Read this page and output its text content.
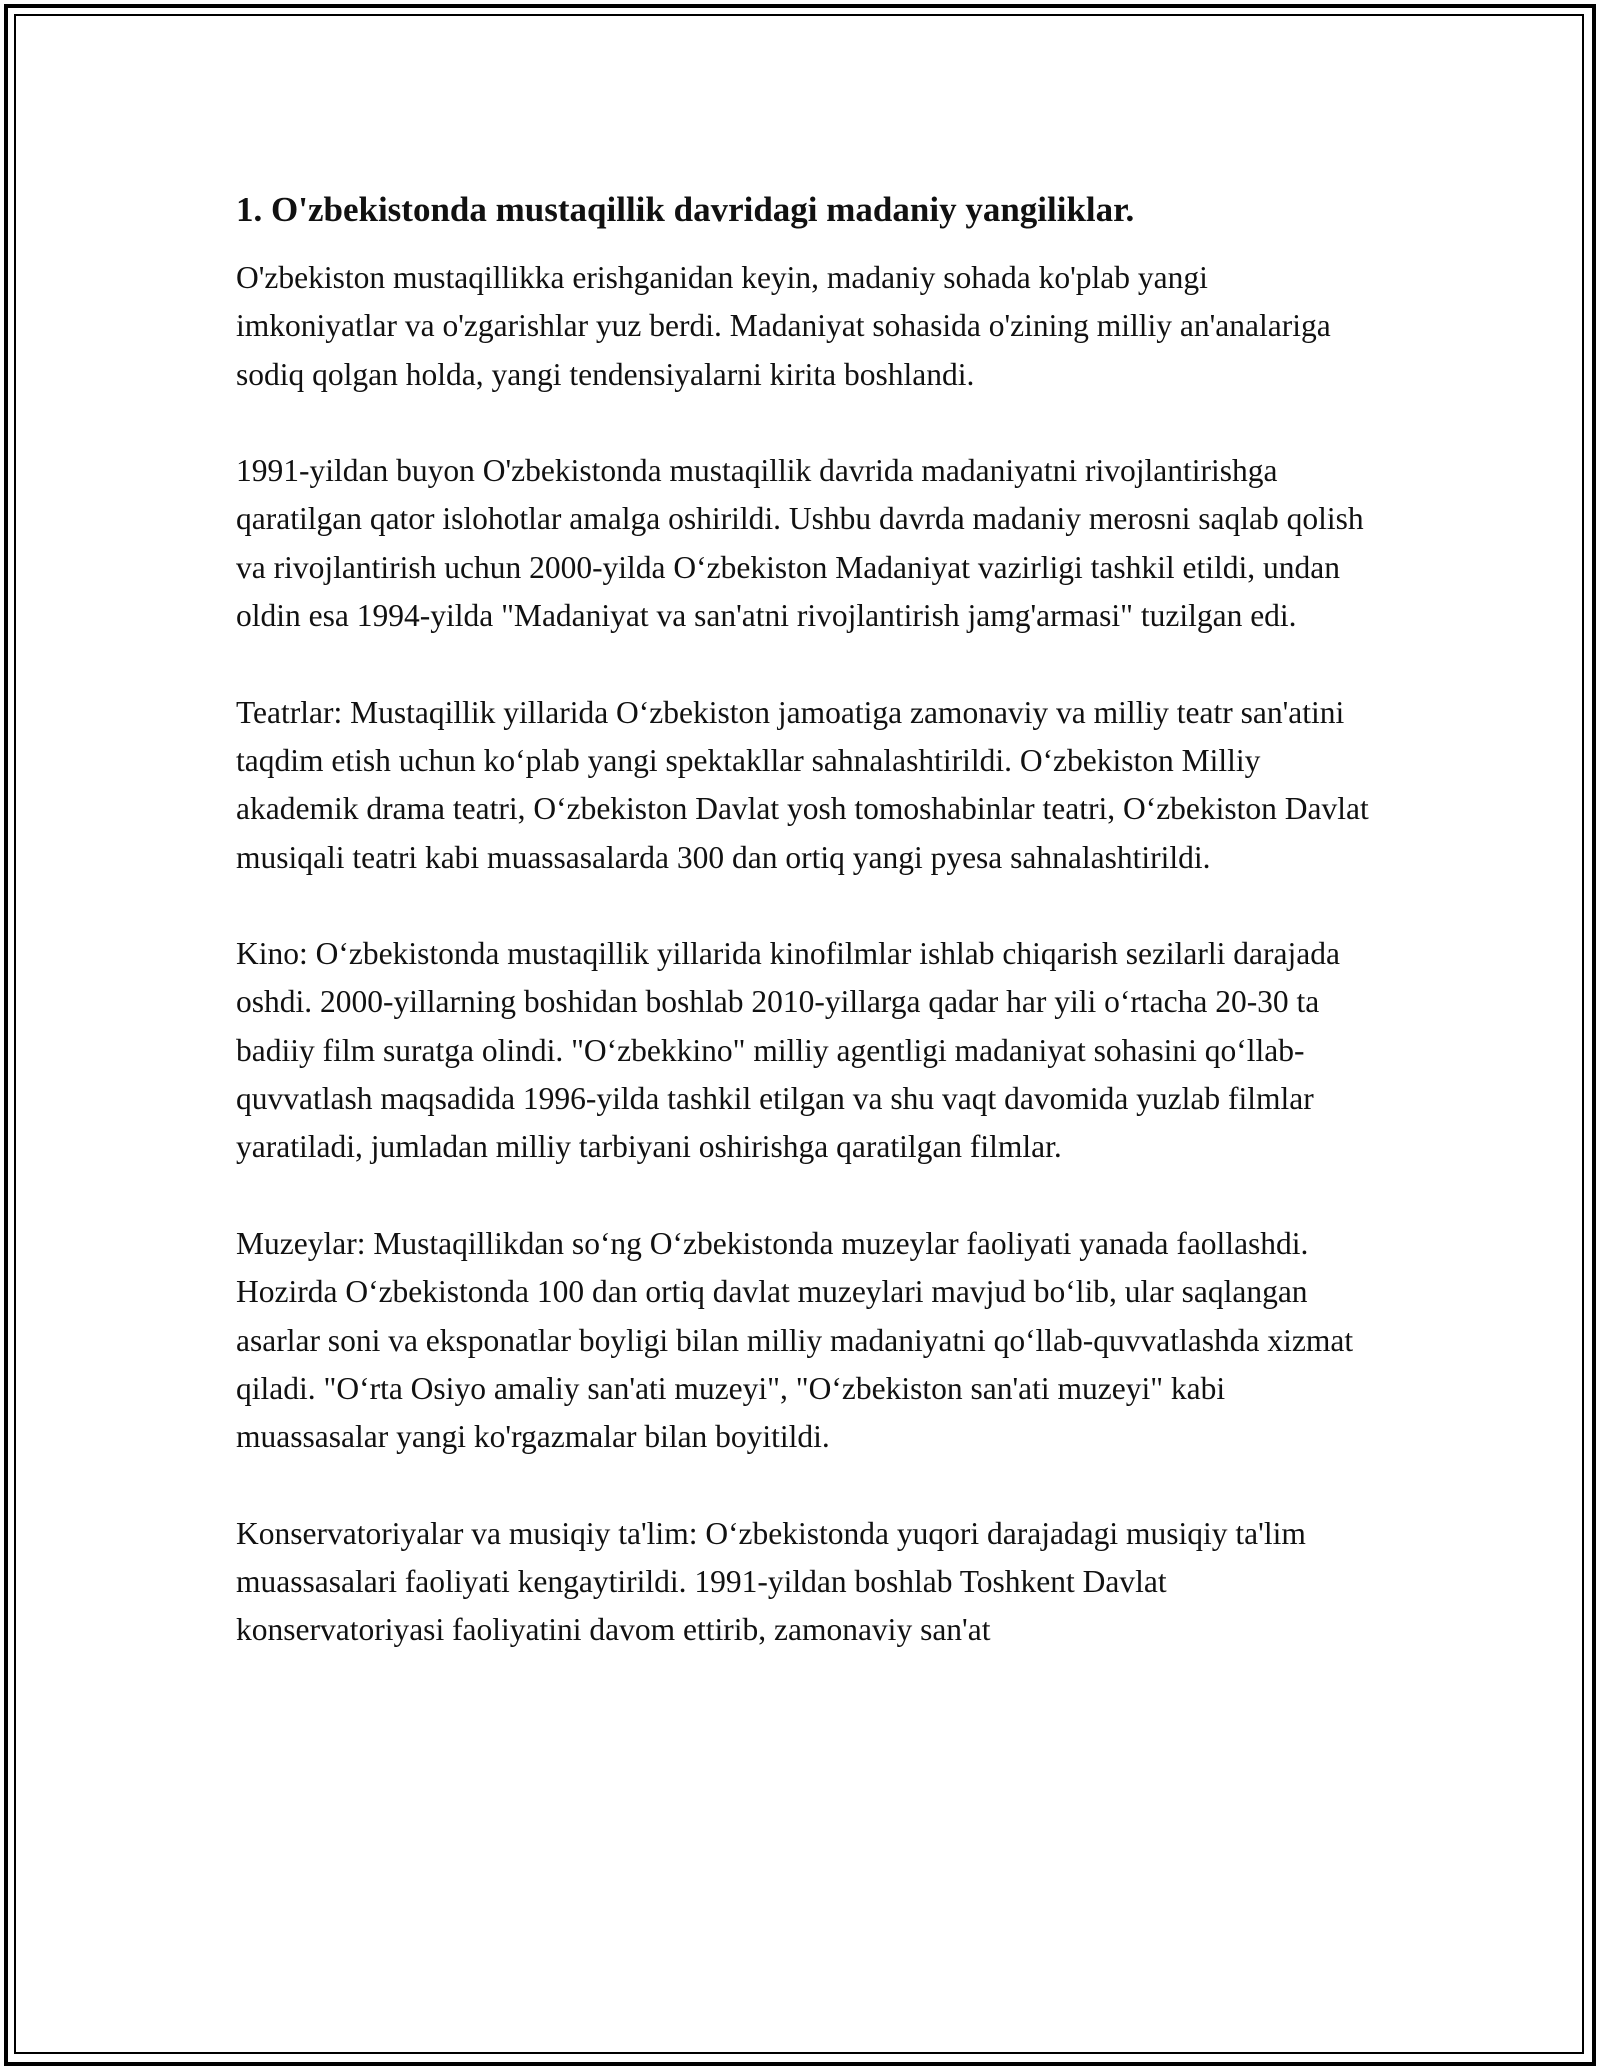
1. O'zbekistonda mustaqillik davridagi madaniy yangiliklar.

O'zbekiston mustaqillikka erishganidan keyin, madaniy sohada ko'plab yangi imkoniyatlar va o'zgarishlar yuz berdi. Madaniyat sohasida o'zining milliy an'analariga sodiq qolgan holda, yangi tendensiyalarni kirita boshlandi.

1991-yildan buyon O'zbekistonda mustaqillik davrida madaniyatni rivojlantirishga qaratilgan qator islohotlar amalga oshirildi. Ushbu davrda madaniy merosni saqlab qolish va rivojlantirish uchun 2000-yilda O‘zbekiston Madaniyat vazirligi tashkil etildi, undan oldin esa 1994-yilda "Madaniyat va san'atni rivojlantirish jamg'armasi" tuzilgan edi.

Teatrlar: Mustaqillik yillarida O‘zbekiston jamoatiga zamonaviy va milliy teatr san'atini taqdim etish uchun ko‘plab yangi spektakllar sahnalashtirildi. O‘zbekiston Milliy akademik drama teatri, O‘zbekiston Davlat yosh tomoshabinlar teatri, O‘zbekiston Davlat musiqali teatri kabi muassasalarda 300 dan ortiq yangi pyesa sahnalashtirildi.

Kino: O‘zbekistonda mustaqillik yillarida kinofilmlar ishlab chiqarish sezilarli darajada oshdi. 2000-yillarning boshidan boshlab 2010-yillarga qadar har yili o‘rtacha 20-30 ta badiiy film suratga olindi. "O‘zbekkino" milliy agentligi madaniyat sohasini qo‘llab-quvvatlash maqsadida 1996-yilda tashkil etilgan va shu vaqt davomida yuzlab filmlar yaratiladi, jumladan milliy tarbiyani oshirishga qaratilgan filmlar.

Muzeylar: Mustaqillikdan so‘ng O‘zbekistonda muzeylar faoliyati yanada faollashdi. Hozirda O‘zbekistonda 100 dan ortiq davlat muzeylari mavjud bo‘lib, ular saqlangan asarlar soni va eksponatlar boyligi bilan milliy madaniyatni qo‘llab-quvvatlashda xizmat qiladi. "O‘rta Osiyo amaliy san'ati muzeyi", "O‘zbekiston san'ati muzeyi" kabi muassasalar yangi ko'rgazmalar bilan boyitildi.

Konservatoriyalar va musiqiy ta'lim: O‘zbekistonda yuqori darajadagi musiqiy ta'lim muassasalari faoliyati kengaytirildi. 1991-yildan boshlab Toshkent Davlat konservatoriyasi faoliyatini davom ettirib, zamonaviy san'at
